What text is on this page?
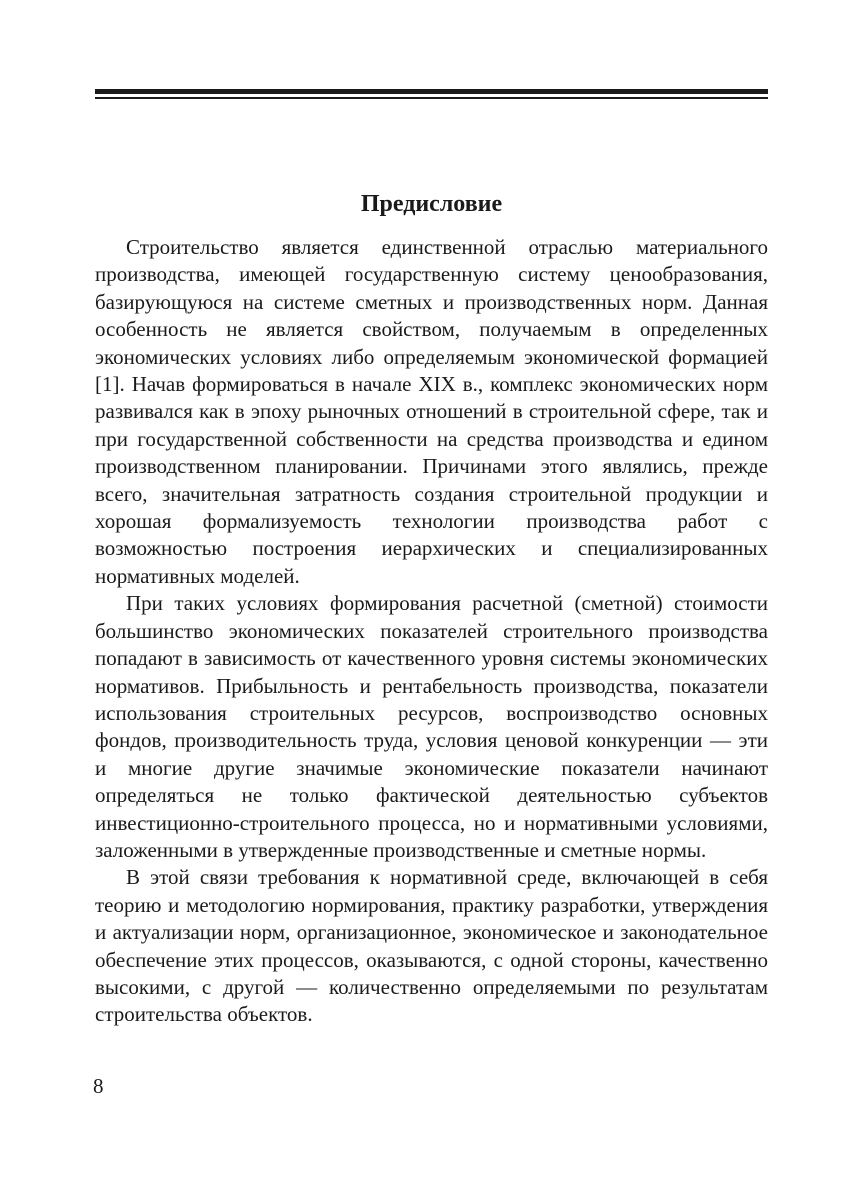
Предисловие

Строительство является единственной отраслью материального производства, имеющей государственную систему ценообразования, базирующуюся на системе сметных и производственных норм. Данная особенность не является свойством, получаемым в определенных экономических условиях либо определяемым экономической формацией [1]. Начав формироваться в начале XIX в., комплекс экономических норм развивался как в эпоху рыночных отношений в строительной сфере, так и при государственной собственности на средства производства и едином производственном планировании. Причинами этого являлись, прежде всего, значительная затратность создания строительной продукции и хорошая формализуемость технологии производства работ с возможностью построения иерархических и специализированных нормативных моделей.

При таких условиях формирования расчетной (сметной) стоимости большинство экономических показателей строительного производства попадают в зависимость от качественного уровня системы экономических нормативов. Прибыльность и рентабельность производства, показатели использования строительных ресурсов, воспроизводство основных фондов, производительность труда, условия ценовой конкуренции — эти и многие другие значимые экономические показатели начинают определяться не только фактической деятельностью субъектов инвестиционно-строительного процесса, но и нормативными условиями, заложенными в утвержденные производственные и сметные нормы.

В этой связи требования к нормативной среде, включающей в себя теорию и методологию нормирования, практику разработки, утверждения и актуализации норм, организационное, экономическое и законодательное обеспечение этих процессов, оказываются, с одной стороны, качественно высокими, с другой — количественно определяемыми по результатам строительства объектов.

8
